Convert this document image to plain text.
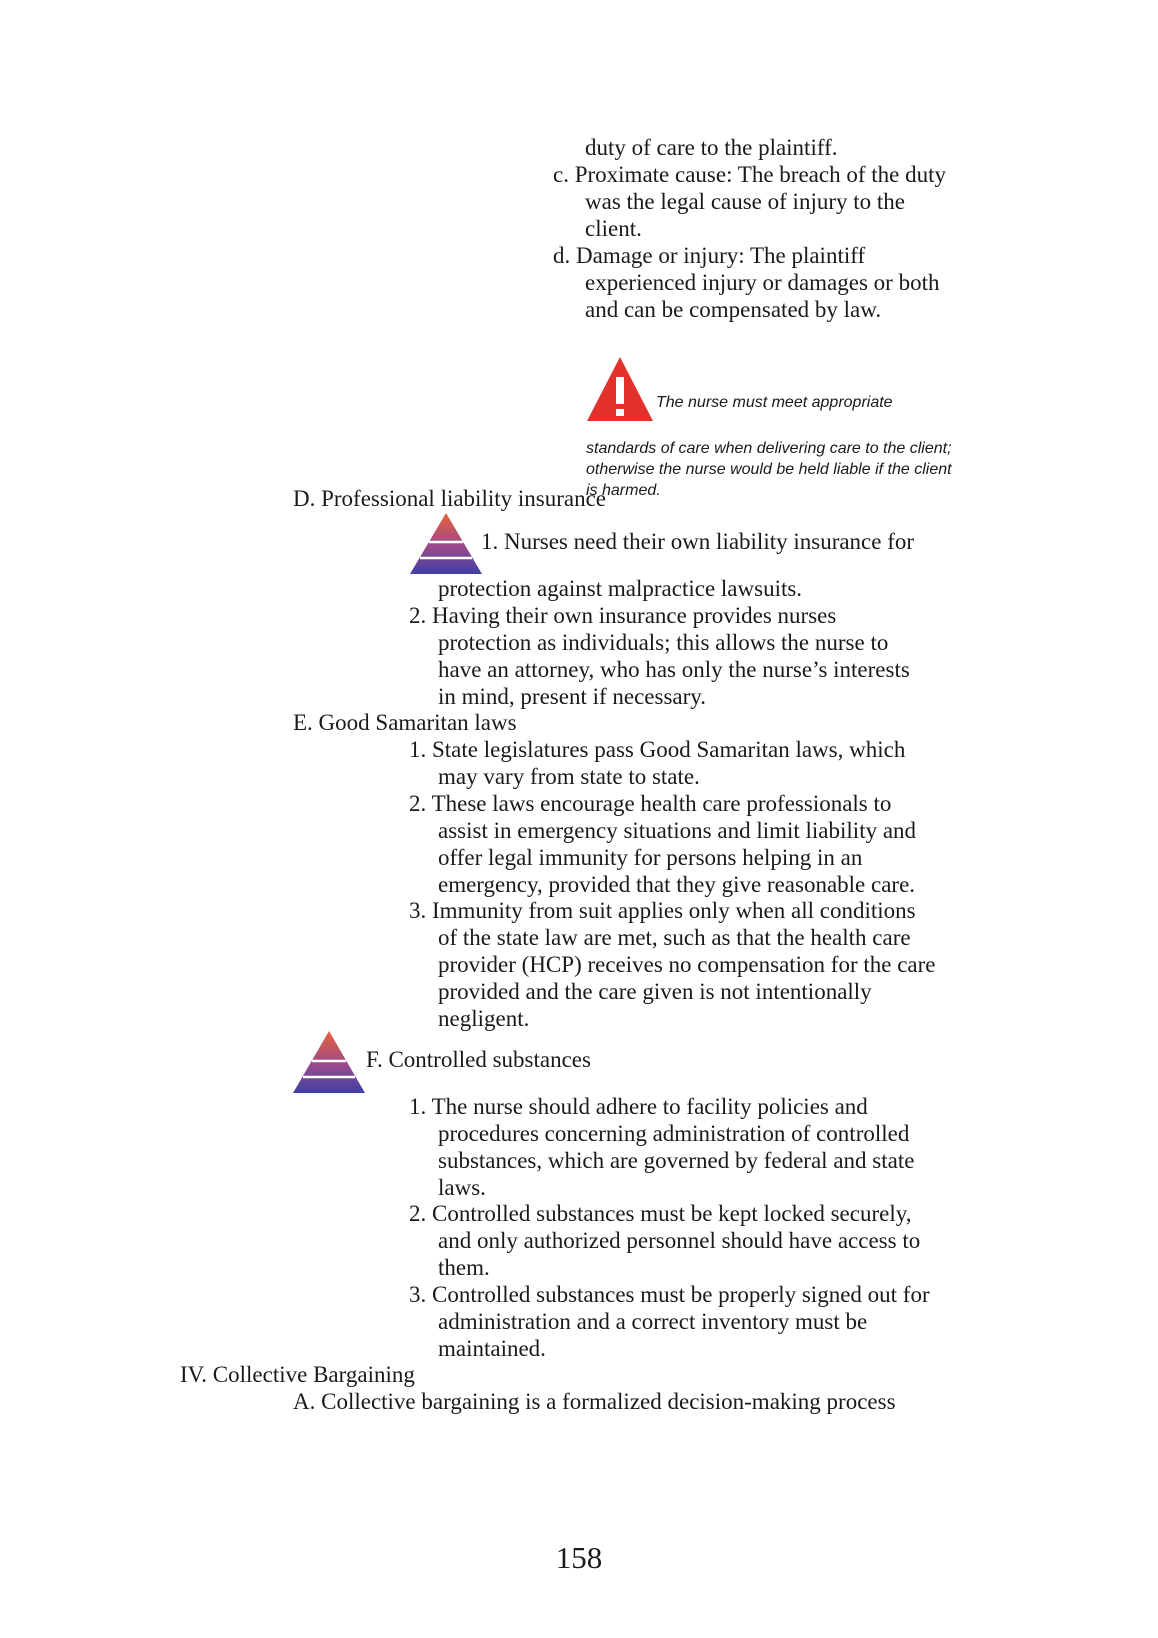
duty of care to the plaintiff.

c. Proximate cause: The breach of the duty

was the legal cause of injury to the

client.

d. Damage or injury: The plaintiff

experienced injury or damages or both

and can be compensated by law.

The nurse must meet appropriate

standards of care when delivering care to the client;

otherwise the nurse would be held liable if the client

is harmed.

D. Professional liability insurance

1. Nurses need their own liability insurance for

protection against malpractice lawsuits.

2. Having their own insurance provides nurses

protection as individuals; this allows the nurse to

have an attorney, who has only the nurse’s interests

in mind, present if necessary.

E. Good Samaritan laws

1. State legislatures pass Good Samaritan laws, which

may vary from state to state.

2. These laws encourage health care professionals to

assist in emergency situations and limit liability and

offer legal immunity for persons helping in an

emergency, provided that they give reasonable care.

3. Immunity from suit applies only when all conditions

of the state law are met, such as that the health care

provider (HCP) receives no compensation for the care

provided and the care given is not intentionally

negligent.

F. Controlled substances

1. The nurse should adhere to facility policies and

procedures concerning administration of controlled

substances, which are governed by federal and state

laws.

2. Controlled substances must be kept locked securely,

and only authorized personnel should have access to

them.

3. Controlled substances must be properly signed out for

administration and a correct inventory must be

maintained.

IV. Collective Bargaining

A. Collective bargaining is a formalized decision-making process

158
